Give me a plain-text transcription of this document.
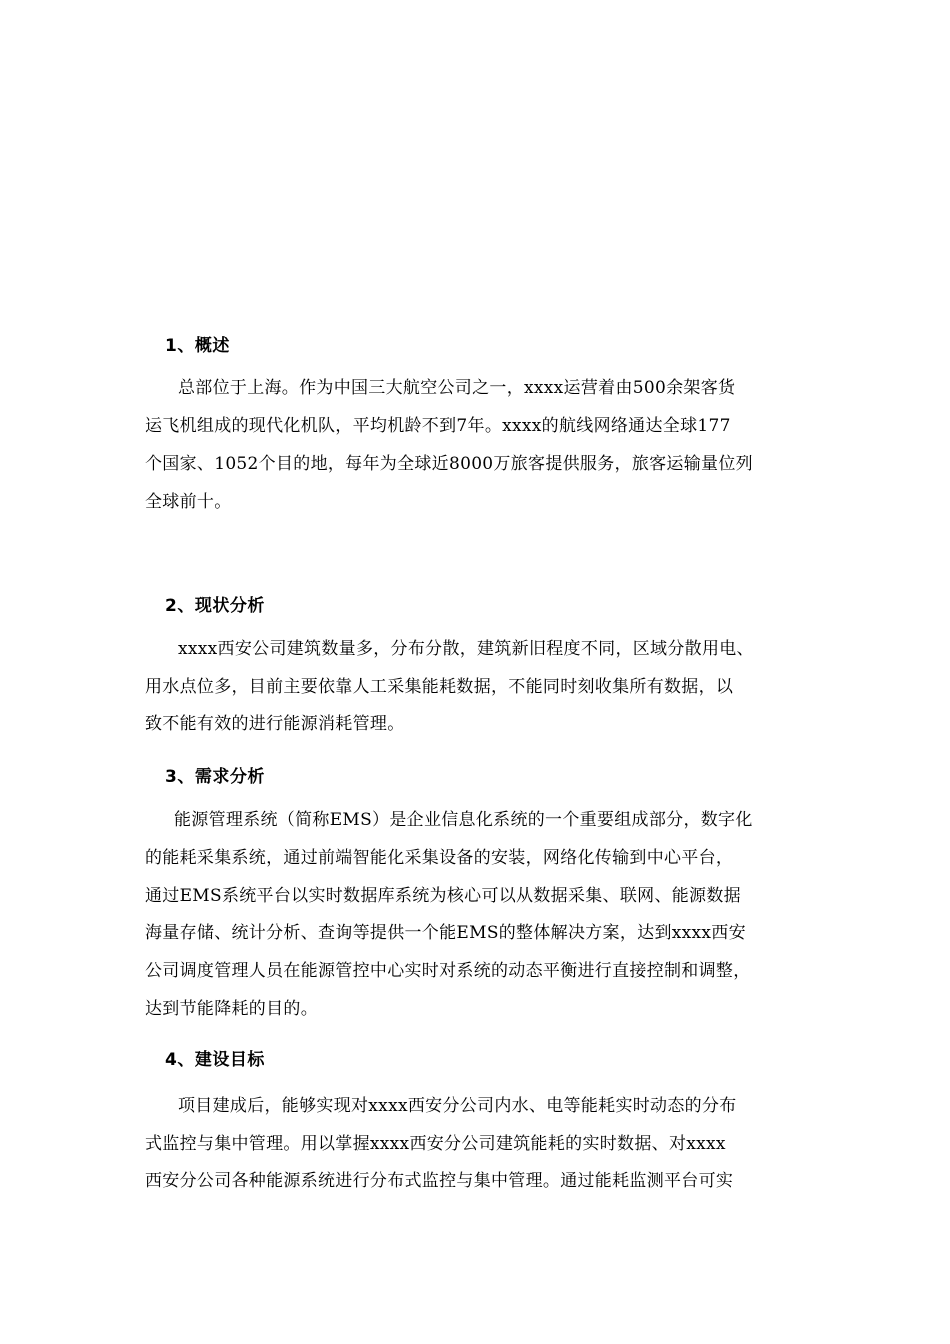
1、概述
总部位于上海。作为中国三大航空公司之一，xxxx运营着由500余架客货
运飞机组成的现代化机队，平均机龄不到7年。xxxx的航线网络通达全球177
个国家、1052个目的地，每年为全球近8000万旅客提供服务，旅客运输量位列
全球前十。
2、现状分析
xxxx西安公司建筑数量多，分布分散，建筑新旧程度不同，区域分散用电、
用水点位多，目前主要依靠人工采集能耗数据，不能同时刻收集所有数据，以
致不能有效的进行能源消耗管理。
3、需求分析
能源管理系统（简称EMS）是企业信息化系统的一个重要组成部分，数字化
的能耗采集系统，通过前端智能化采集设备的安装，网络化传输到中心平台，
通过EMS系统平台以实时数据库系统为核心可以从数据采集、联网、能源数据
海量存储、统计分析、查询等提供一个能EMS的整体解决方案，达到xxxx西安
公司调度管理人员在能源管控中心实时对系统的动态平衡进行直接控制和调整，
达到节能降耗的目的。
4、建设目标
项目建成后，能够实现对xxxx西安分公司内水、电等能耗实时动态的分布
式监控与集中管理。用以掌握xxxx西安分公司建筑能耗的实时数据、对xxxx
西安分公司各种能源系统进行分布式监控与集中管理。通过能耗监测平台可实
